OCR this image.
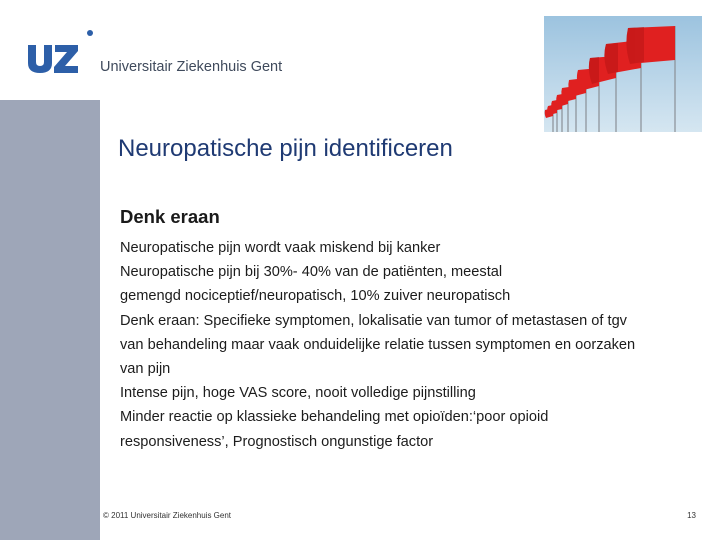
Universitair Ziekenhuis Gent
Neuropatische pijn identificeren

Denk eraan

Neuropatische pijn wordt vaak miskend bij kanker
Neuropatische pijn bij 30%- 40% van de patiënten, meestal
gemengd nociceptief/neuropatisch, 10% zuiver neuropatisch
Denk eraan: Specifieke symptomen, lokalisatie van tumor of metastasen of tgv
van behandeling maar vaak onduidelijke relatie tussen symptomen en oorzaken
van pijn
Intense pijn, hoge VAS score, nooit volledige pijnstilling
Minder reactie op klassieke behandeling met opioïden:‘poor opioid
responsiveness’, Prognostisch ongunstige factor
© 2011 Universitair Ziekenhuis Gent	13
